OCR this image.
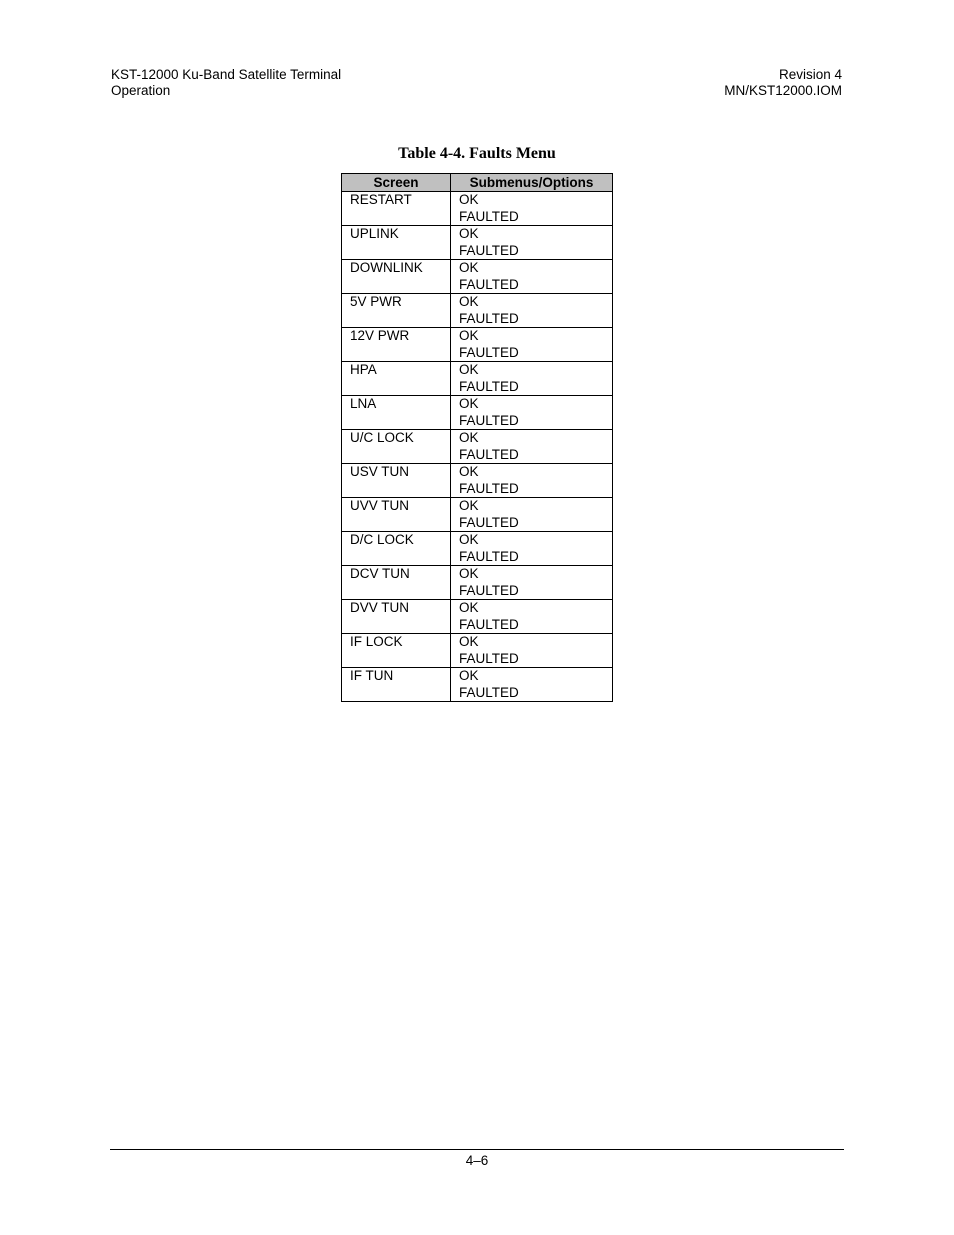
KST-12000 Ku-Band Satellite Terminal
Operation
Revision 4
MN/KST12000.IOM
Table 4-4. Faults Menu
Screen	Submenus/Options
RESTART	OK
FAULTED

UPLINK	OK
FAULTED

DOWNLINK	OK
FAULTED

5V PWR	OK
FAULTED

12V PWR	OK
FAULTED

HPA	OK
FAULTED

LNA	OK
FAULTED

U/C LOCK	OK
FAULTED

USV TUN	OK
FAULTED

UVV TUN	OK
FAULTED

D/C LOCK	OK
FAULTED

DCV TUN	OK
FAULTED

DVV TUN	OK
FAULTED

IF LOCK	OK
FAULTED

IF TUN	OK
FAULTED
4–6
